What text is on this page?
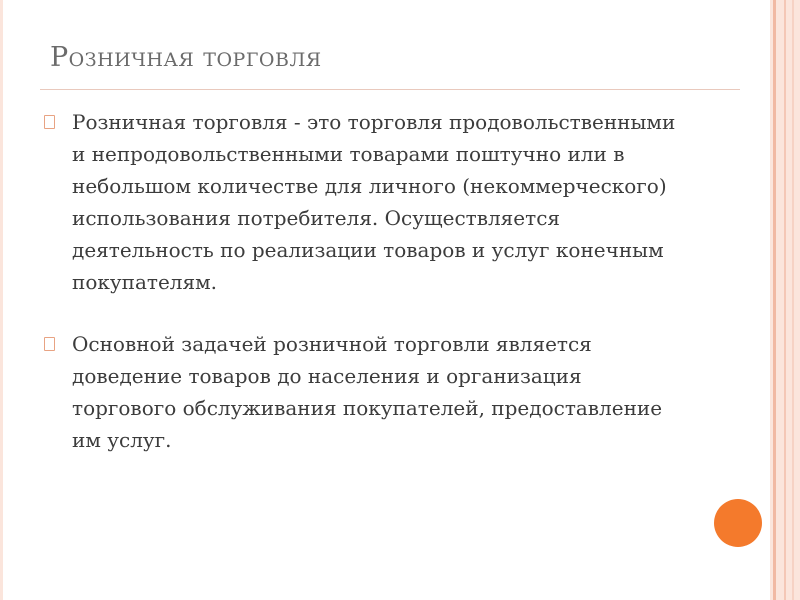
Розничная торговля
Розничная торговля - это торговля продовольственными и непродовольственными товарами поштучно или в небольшом количестве для личного (некоммерческого) использования потребителя. Осуществляется деятельность по реализации товаров и услуг конечным покупателям.
Основной задачей розничной торговли является доведение товаров до населения и организация торгового обслуживания покупателей, предоставление им услуг.
